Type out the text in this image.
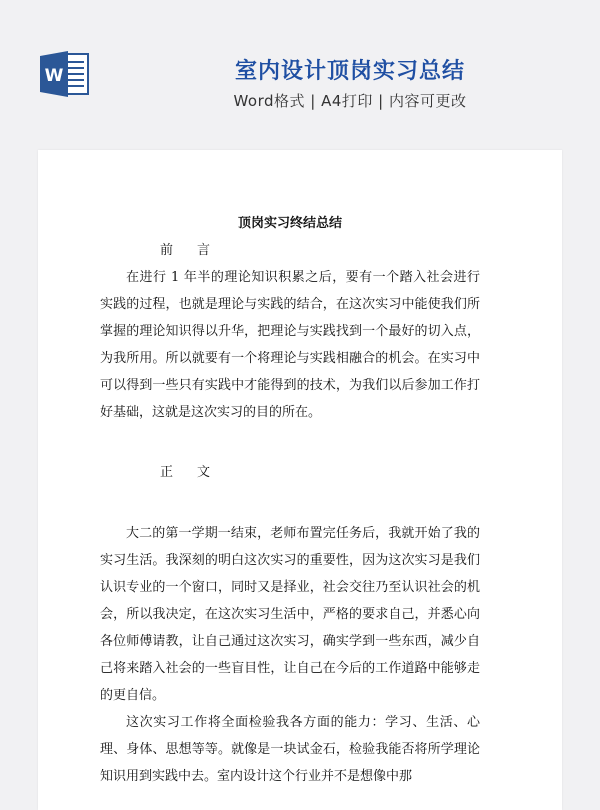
W	室内设计顶岗实习总结
Word格式 | A4打印 | 内容可更改
顶岗实习终结总结
前 言

在进行 1 年半的理论知识积累之后，要有一个踏入社会进行实践的过程，也就是理论与实践的结合，在这次实习中能使我们所掌握的理论知识得以升华，把理论与实践找到一个最好的切入点，为我所用。所以就要有一个将理论与实践相融合的机会。在实习中可以得到一些只有实践中才能得到的技术，为我们以后参加工作打好基础，这就是这次实习的目的所在。

正 文

大二的第一学期一结束，老师布置完任务后，我就开始了我的实习生活。我深刻的明白这次实习的重要性，因为这次实习是我们认识专业的一个窗口，同时又是择业，社会交往乃至认识社会的机会，所以我决定，在这次实习生活中，严格的要求自己，并悉心向各位师傅请教，让自己通过这次实习，确实学到一些东西，减少自己将来踏入社会的一些盲目性，让自己在今后的工作道路中能够走的更自信。

这次实习工作将全面检验我各方面的能力：学习、生活、心理、身体、思想等等。就像是一块试金石，检验我能否将所学理论知识用到实践中去。室内设计这个行业并不是想像中那
